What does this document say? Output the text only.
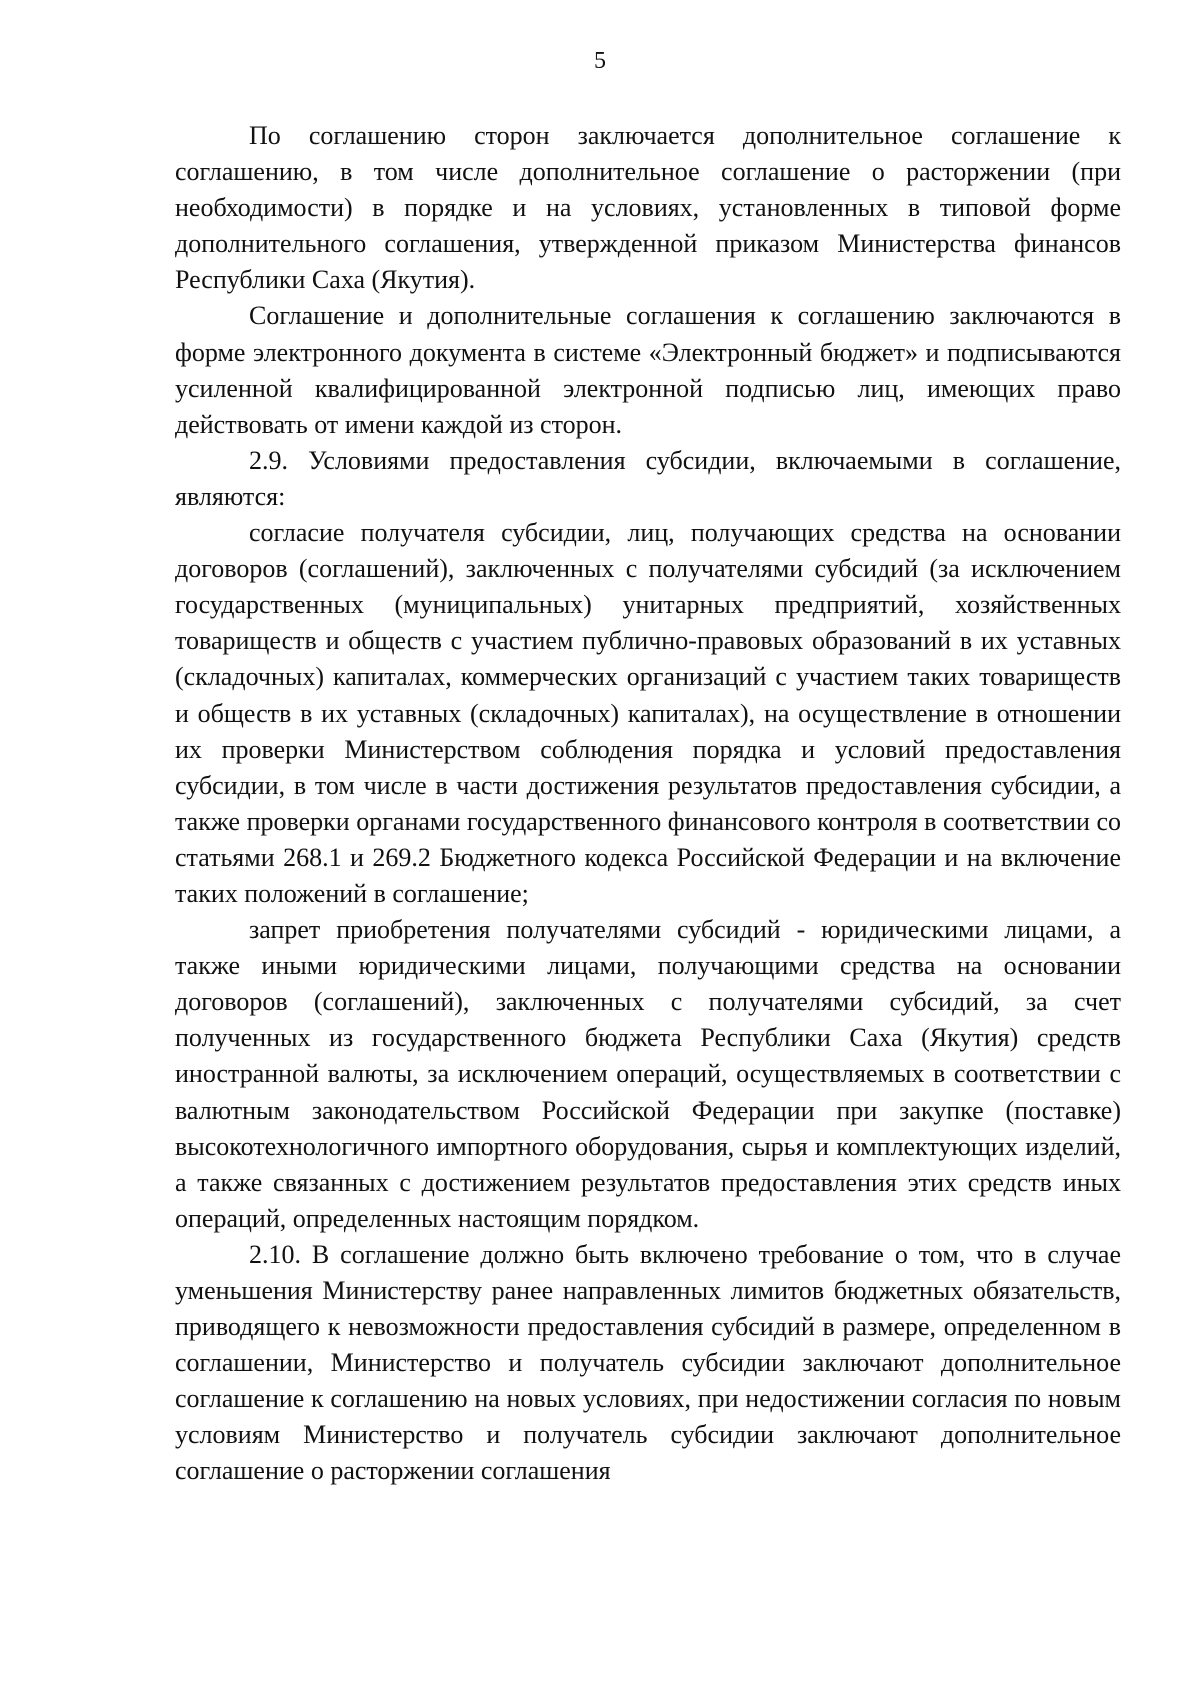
5

По соглашению сторон заключается дополнительное соглашение к соглашению, в том числе дополнительное соглашение о расторжении (при необходимости) в порядке и на условиях, установленных в типовой форме дополнительного соглашения, утвержденной приказом Министерства финансов Республики Саха (Якутия).

Соглашение и дополнительные соглашения к соглашению заключаются в форме электронного документа в системе «Электронный бюджет» и подписываются усиленной квалифицированной электронной подписью лиц, имеющих право действовать от имени каждой из сторон.

2.9. Условиями предоставления субсидии, включаемыми в соглашение, являются:

согласие получателя субсидии, лиц, получающих средства на основании договоров (соглашений), заключенных с получателями субсидий (за исключением государственных (муниципальных) унитарных предприятий, хозяйственных товариществ и обществ с участием публично-правовых образований в их уставных (складочных) капиталах, коммерческих организаций с участием таких товариществ и обществ в их уставных (складочных) капиталах), на осуществление в отношении их проверки Министерством соблюдения порядка и условий предоставления субсидии, в том числе в части достижения результатов предоставления субсидии, а также проверки органами государственного финансового контроля в соответствии со статьями 268.1 и 269.2 Бюджетного кодекса Российской Федерации и на включение таких положений в соглашение;

запрет приобретения получателями субсидий - юридическими лицами, а также иными юридическими лицами, получающими средства на основании договоров (соглашений), заключенных с получателями субсидий, за счет полученных из государственного бюджета Республики Саха (Якутия) средств иностранной валюты, за исключением операций, осуществляемых в соответствии с валютным законодательством Российской Федерации при закупке (поставке) высокотехнологичного импортного оборудования, сырья и комплектующих изделий, а также связанных с достижением результатов предоставления этих средств иных операций, определенных настоящим порядком.

2.10. В соглашение должно быть включено требование о том, что в случае уменьшения Министерству ранее направленных лимитов бюджетных обязательств, приводящего к невозможности предоставления субсидий в размере, определенном в соглашении, Министерство и получатель субсидии заключают дополнительное соглашение к соглашению на новых условиях, при недостижении согласия по новым условиям Министерство и получатель субсидии заключают дополнительное соглашение о расторжении соглашения
